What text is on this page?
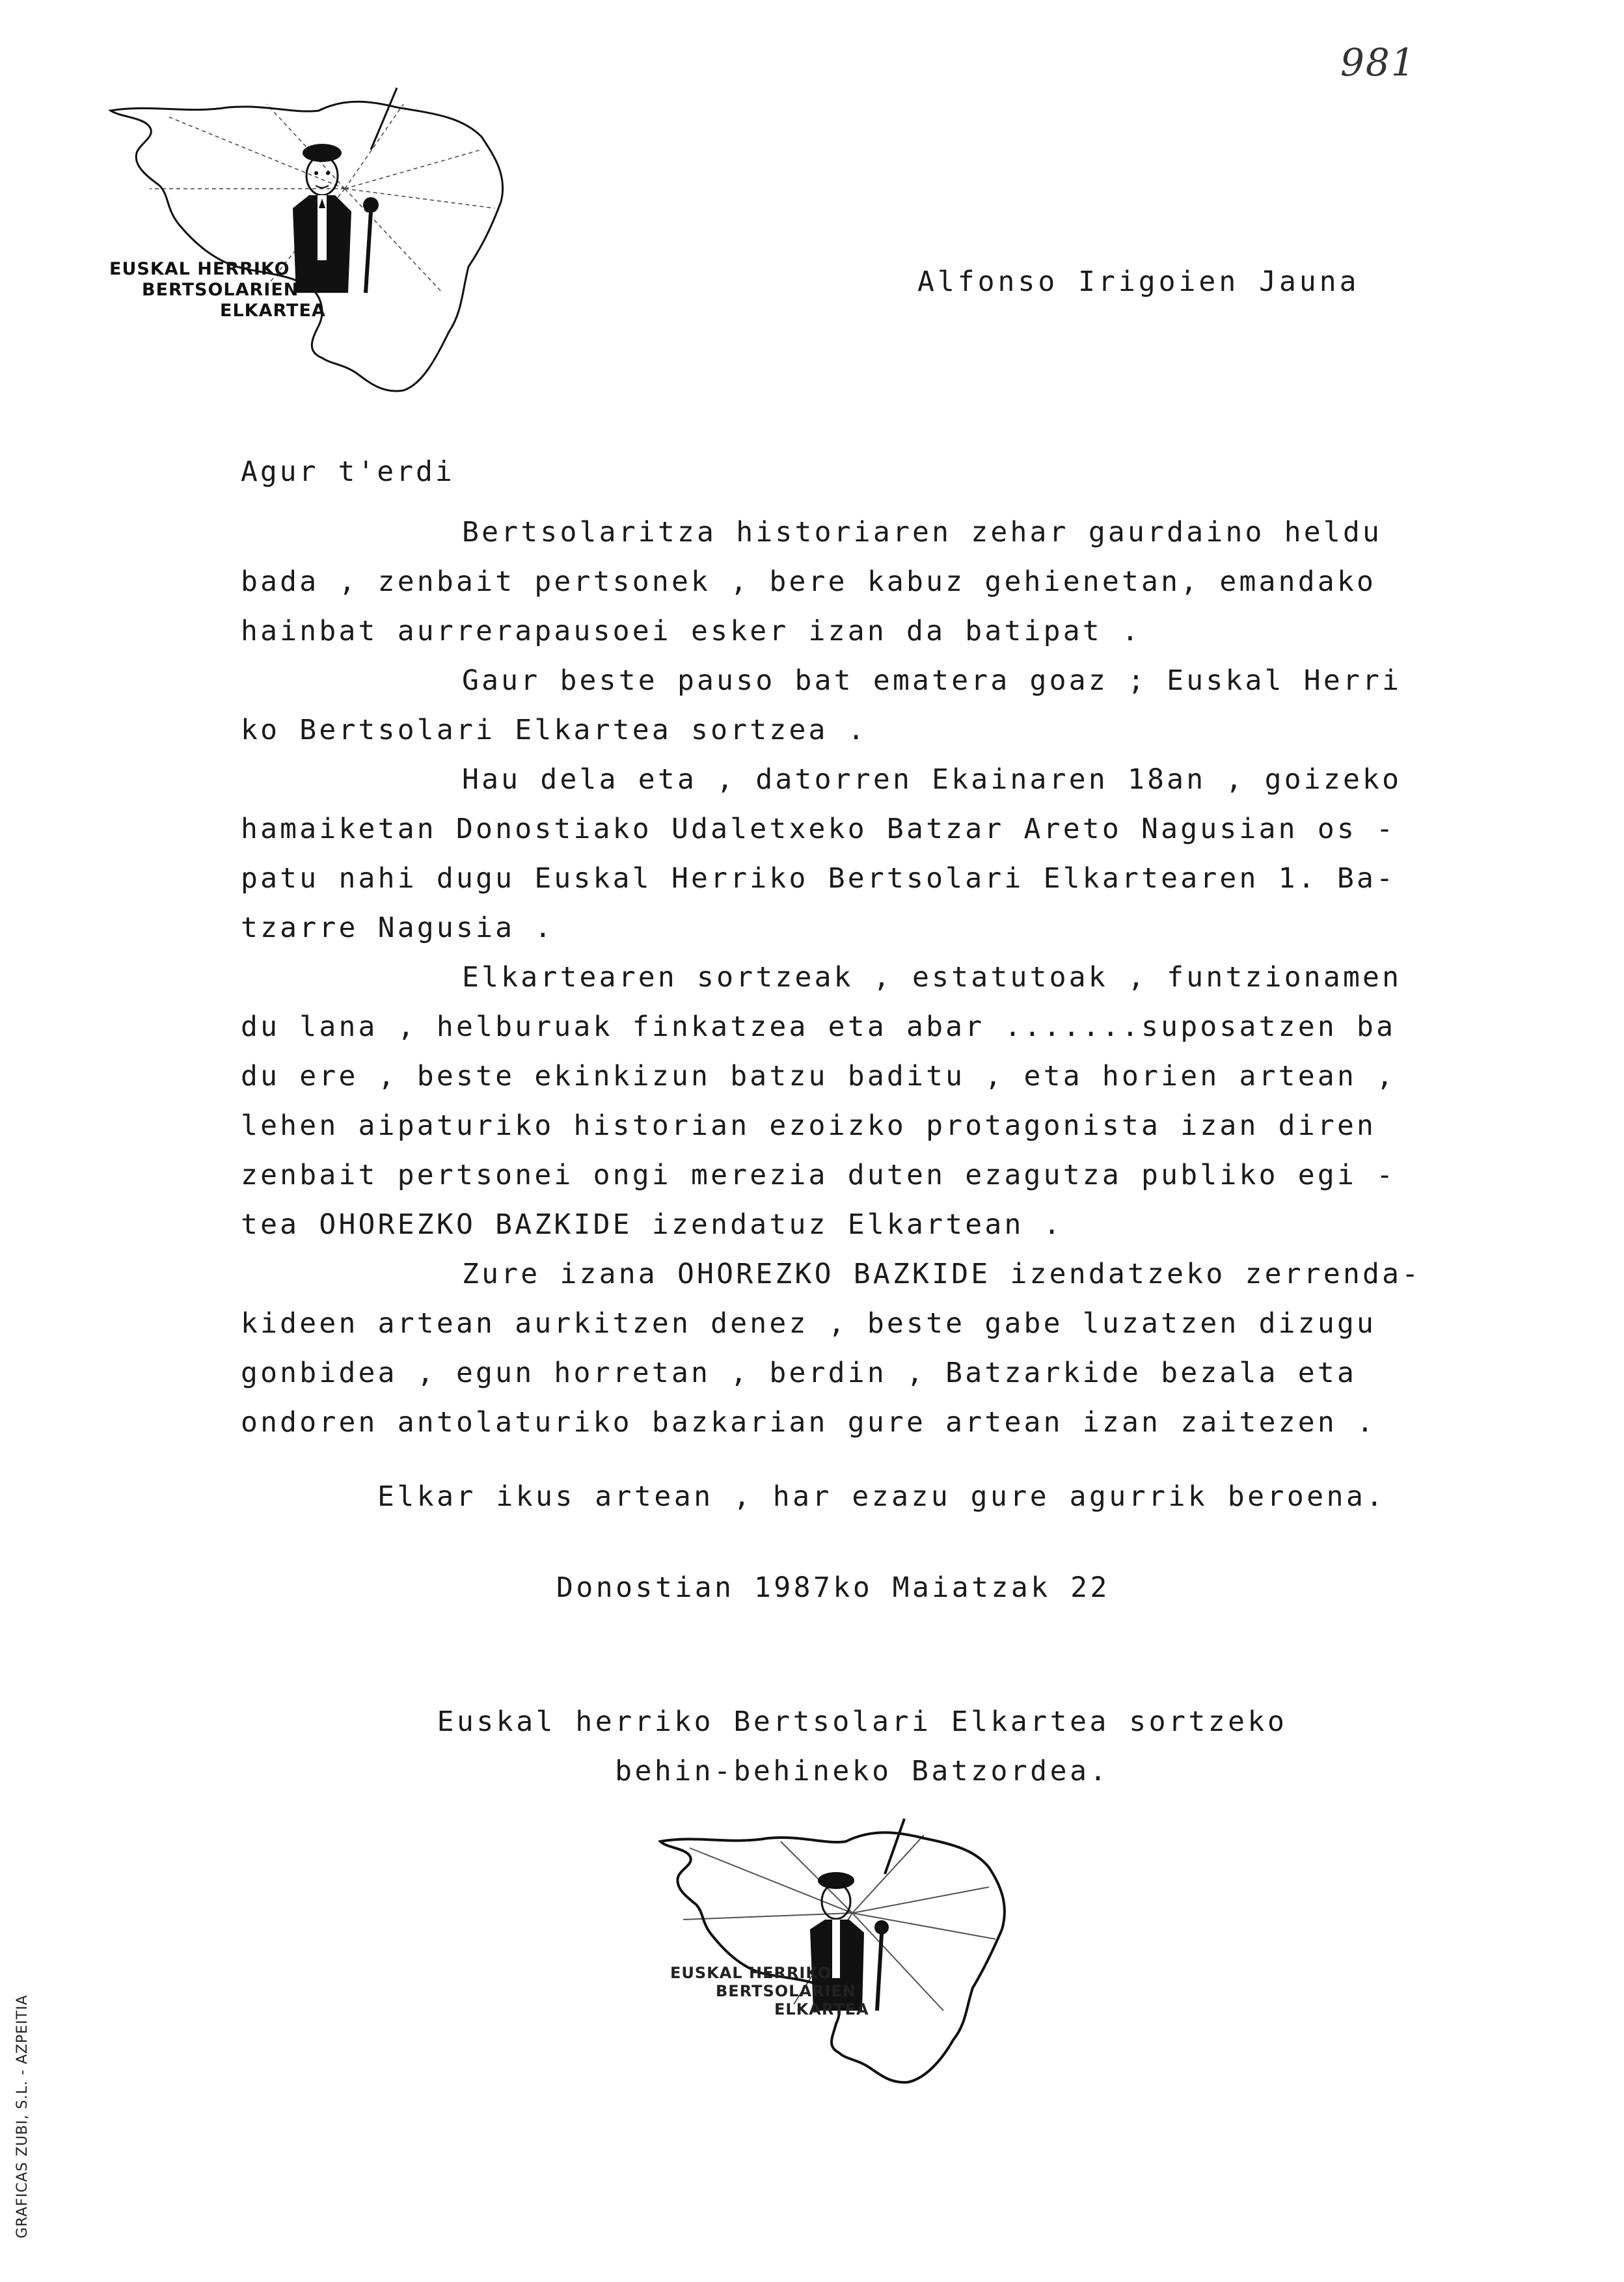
EUSKAL HERRIKO
BERTSOLARIEN
ELKARTEA
981
Alfonso Irigoien Jauna
Agur t'erdi
Bertsolaritza historiaren zehar gaurdaino heldu
bada , zenbait pertsonek , bere kabuz gehienetan, emandako
hainbat aurrerapausoei esker izan da batipat .
Gaur beste pauso bat ematera goaz ; Euskal Herri
ko Bertsolari Elkartea sortzea .
Hau dela eta , datorren Ekainaren 18an , goizeko
hamaiketan Donostiako Udaletxeko Batzar Areto Nagusian os -
patu nahi dugu Euskal Herriko Bertsolari Elkartearen 1. Ba-
tzarre Nagusia .
Elkartearen sortzeak , estatutoak , funtzionamen
du lana , helburuak finkatzea eta abar .......suposatzen ba
du ere , beste ekinkizun batzu baditu , eta horien artean ,
lehen aipaturiko historian ezoizko protagonista izan diren
zenbait pertsonei ongi merezia duten ezagutza publiko egi -
tea OHOREZKO BAZKIDE izendatuz Elkartean .
Zure izana OHOREZKO BAZKIDE izendatzeko zerrenda-
kideen artean aurkitzen denez , beste gabe luzatzen dizugu
gonbidea , egun horretan , berdin , Batzarkide bezala eta
ondoren antolaturiko bazkarian gure artean izan zaitezen .
Elkar ikus artean , har ezazu gure agurrik beroena.
Donostian 1987ko Maiatzak 22
Euskal herriko Bertsolari Elkartea sortzeko
behin-behineko Batzordea.
EUSKAL HERRIKO
BERTSOLARIEN
ELKARTEA
GRAFICAS ZUBI, S.L. - AZPEITIA
